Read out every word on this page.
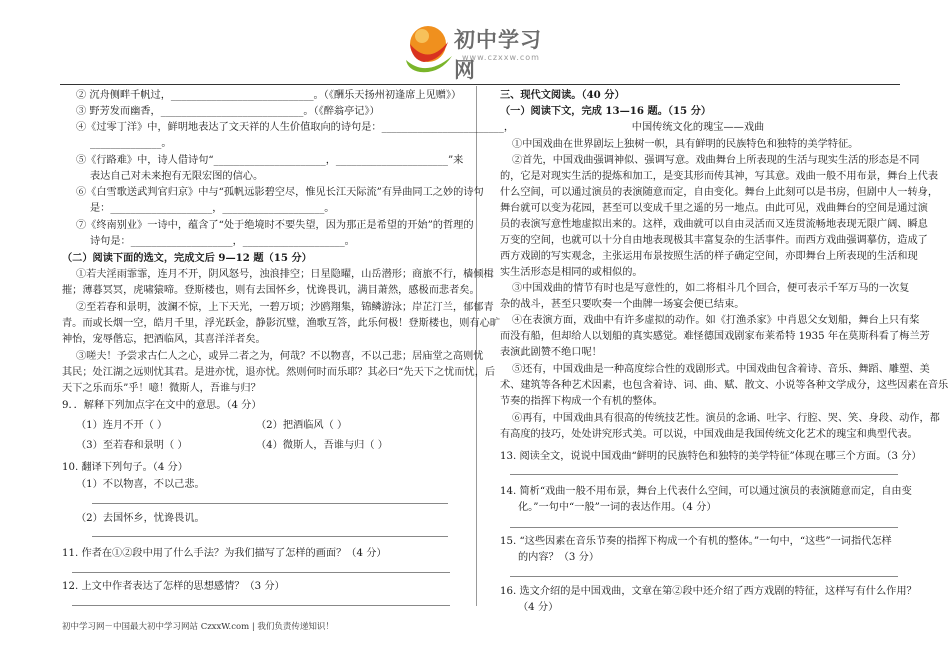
初中学习网
www.czxxw.com
② 沉舟侧畔千帆过，____________________________。（《酬乐天扬州初逢席上见赠》）
③ 野芳发而幽香，____________________________。（《醉翁亭记》）
④《过零丁洋》中，鲜明地表达了文天祥的人生价值取向的诗句是：________________________，
______________。
⑤《行路难》中，诗人借诗句“______________________，______________________”来
表达自己对未来抱有无限宏图的信心。
⑥《白雪歌送武判官归京》中与“孤帆远影碧空尽，惟见长江天际流”有异曲同工之妙的诗句
是：____________________，____________________。
⑦《终南别业》一诗中，蕴含了“处于绝境时不要失望，因为那正是希望的开始”的哲理的
诗句是：____________________，____________________。
（二）阅读下面的选文，完成文后 9—12 题（15 分）
①若夫淫雨霏霏，连月不开，阴风怒号，浊浪排空；日星隐曜，山岳潜形；商旅不行，樯倾楫
摧；薄暮冥冥，虎啸猿啼。登斯楼也，则有去国怀乡，忧谗畏讥，满目萧然，感极而悲者矣。
②至若春和景明，波澜不惊，上下天光，一碧万顷；沙鸥翔集，锦鳞游泳；岸芷汀兰，郁郁青
青。而或长烟一空，皓月千里，浮光跃金，静影沉璧，渔歌互答，此乐何极！登斯楼也，则有心旷
神怡，宠辱偕忘，把酒临风，其喜洋洋者矣。
③嗟夫！予尝求古仁人之心，或异二者之为，何哉？不以物喜，不以己悲；居庙堂之高则忧
其民；处江湖之远则忧其君。是进亦忧，退亦忧。然则何时而乐耶？其必曰“先天下之忧而忧，后
天下之乐而乐”乎！噫！微斯人，吾谁与归？
9．．解释下列加点字在文中的意思。（4 分）
（1）连月不开（ ）	（2）把酒临风（ ）
（3）至若春和景明（ ）	（4）微斯人，吾谁与归（ ）
10. 翻译下列句子。（4 分）
（1）不以物喜，不以己悲。
（2）去国怀乡，忧谗畏讥。
11. 作者在①②段中用了什么手法？为我们描写了怎样的画面？（4 分）
12. 上文中作者表达了怎样的思想感情？（3 分）
三、现代文阅读。（40 分）
（一）阅读下文，完成 13—16 题。（15 分）
中国传统文化的瑰宝——戏曲
①中国戏曲在世界剧坛上独树一帜，具有鲜明的民族特色和独特的美学特征。
②首先，中国戏曲强调神似、强调写意。戏曲舞台上所表现的生活与现实生活的形态是不同
的，它是对现实生活的提炼和加工，是变其形而传其神，写其意。戏曲一般不用布景，舞台上代表
什么空间，可以通过演员的表演随意而定，自由变化。舞台上此刻可以是书房，但剧中人一转身，
舞台就可以变为花园，甚至可以变成千里之遥的另一地点。由此可见，戏曲舞台的空间是通过演
员的表演写意性地虚拟出来的。这样，戏曲就可以自由灵活而又连贯流畅地表现无限广阔、瞬息
万变的空间，也就可以十分自由地表现极其丰富复杂的生活事件。而西方戏曲强调摹仿，造成了
西方戏剧的写实观念，主张运用布景按照生活的样子确定空间，亦即舞台上所表现的生活和现
实生活形态是相同的或相似的。
③中国戏曲的情节有时也是写意性的，如二将相斗几个回合，便可表示千军万马的一次复
杂的战斗，甚至只要吹奏一个曲牌一场宴会便已结束。
④在表演方面，戏曲中有许多虚拟的动作。如《打渔杀家》中肖恩父女划船，舞台上只有桨
而没有船，但却给人以划船的真实感觉。难怪德国戏剧家布莱希特 1935 年在莫斯科看了梅兰芳
表演此剧赞不绝口呢！
⑤还有，中国戏曲是一种高度综合性的戏剧形式。中国戏曲包含着诗、音乐、舞蹈、雕塑、美
术、建筑等各种艺术因素，也包含着诗、词、曲、赋、散文、小说等各种文学成分，这些因素在音乐
节奏的指挥下构成一个有机的整体。
⑥再有，中国戏曲具有很高的传统技艺性。演员的念诵、吐字、行腔、哭、笑、身段、动作，都
有高度的技巧，处处讲究形式美。可以说，中国戏曲是我国传统文化艺术的瑰宝和典型代表。
13. 阅读全文，说说中国戏曲“鲜明的民族特色和独特的美学特征”体现在哪三个方面。（3 分）
14. 简析“戏曲一般不用布景，舞台上代表什么空间，可以通过演员的表演随意而定，自由变
化。”一句中“一般”一词的表达作用。（4 分）
15. “这些因素在音乐节奏的指挥下构成一个有机的整体。”一句中，“这些”一词指代怎样
的内容？（3 分）
16. 选文介绍的是中国戏曲，文章在第②段中还介绍了西方戏剧的特征，这样写有什么作用？
（4 分）
初中学习网－中国最大初中学习网站 CzxxW.com | 我们负责传递知识！
